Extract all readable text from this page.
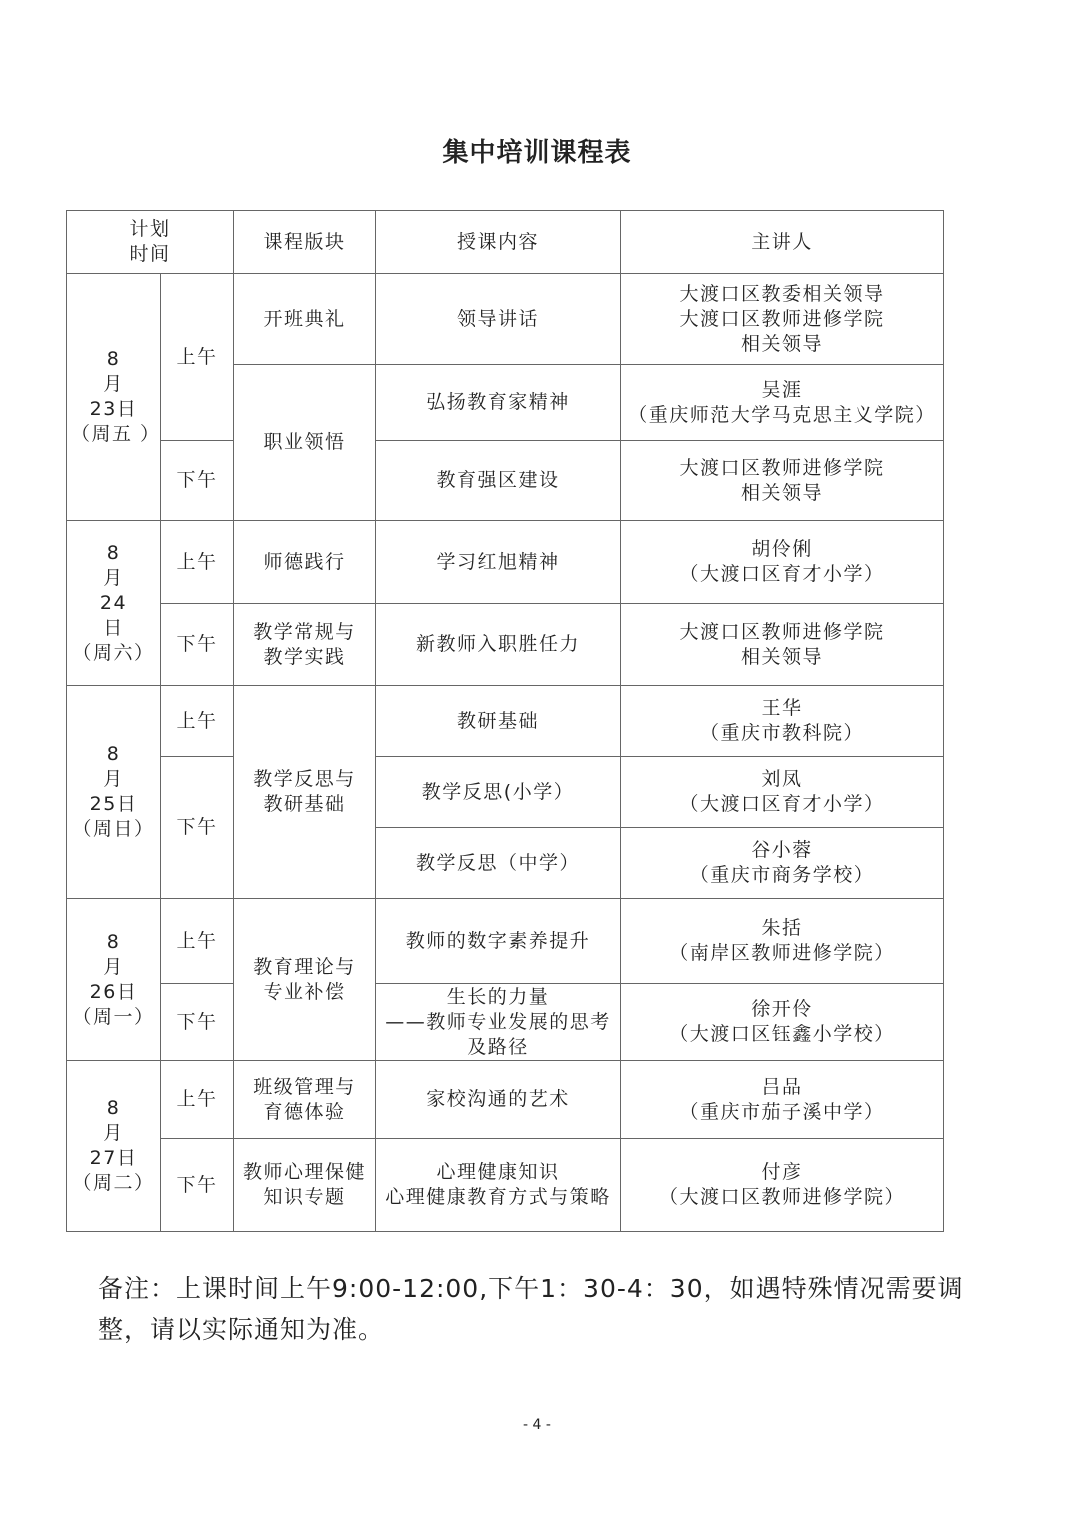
集中培训课程表
计划
时间		课程版块	授课内容	主讲人
8
月
23日
（周五 ）	上午	开班典礼	领导讲话	大渡口区教委相关领导
大渡口区教师进修学院
相关领导
		职业领悟	弘扬教育家精神	吴涯
（重庆师范大学马克思主义学院）
	下午		教育强区建设	大渡口区教师进修学院
相关领导
8
月
24
日
（周六）	上午	师德践行	学习红旭精神	胡伶俐
（大渡口区育才小学）
	下午	教学常规与
教学实践	新教师入职胜任力	大渡口区教师进修学院
相关领导
8
月
25日
（周日）	上午	教学反思与
教研基础	教研基础	王华
（重庆市教科院）
	下午		教学反思(小学）	刘凤
（大渡口区育才小学）
			教学反思（中学）	谷小蓉
（重庆市商务学校）
8
月
26日
（周一）	上午	教育理论与
专业补偿	教师的数字素养提升	朱括
（南岸区教师进修学院）
	下午		生长的力量
——教师专业发展的思考
及路径	徐开伶
（大渡口区钰鑫小学校）
8
月
27日
（周二）	上午	班级管理与
育德体验	家校沟通的艺术	吕品
（重庆市茄子溪中学）
	下午	教师心理保健
知识专题	心理健康知识
心理健康教育方式与策略	付彦
（大渡口区教师进修学院）
备注：上课时间上午9:00-12:00,下午1：30-4：30，如遇特殊情况需要调整，请以实际通知为准。
- 4 -
